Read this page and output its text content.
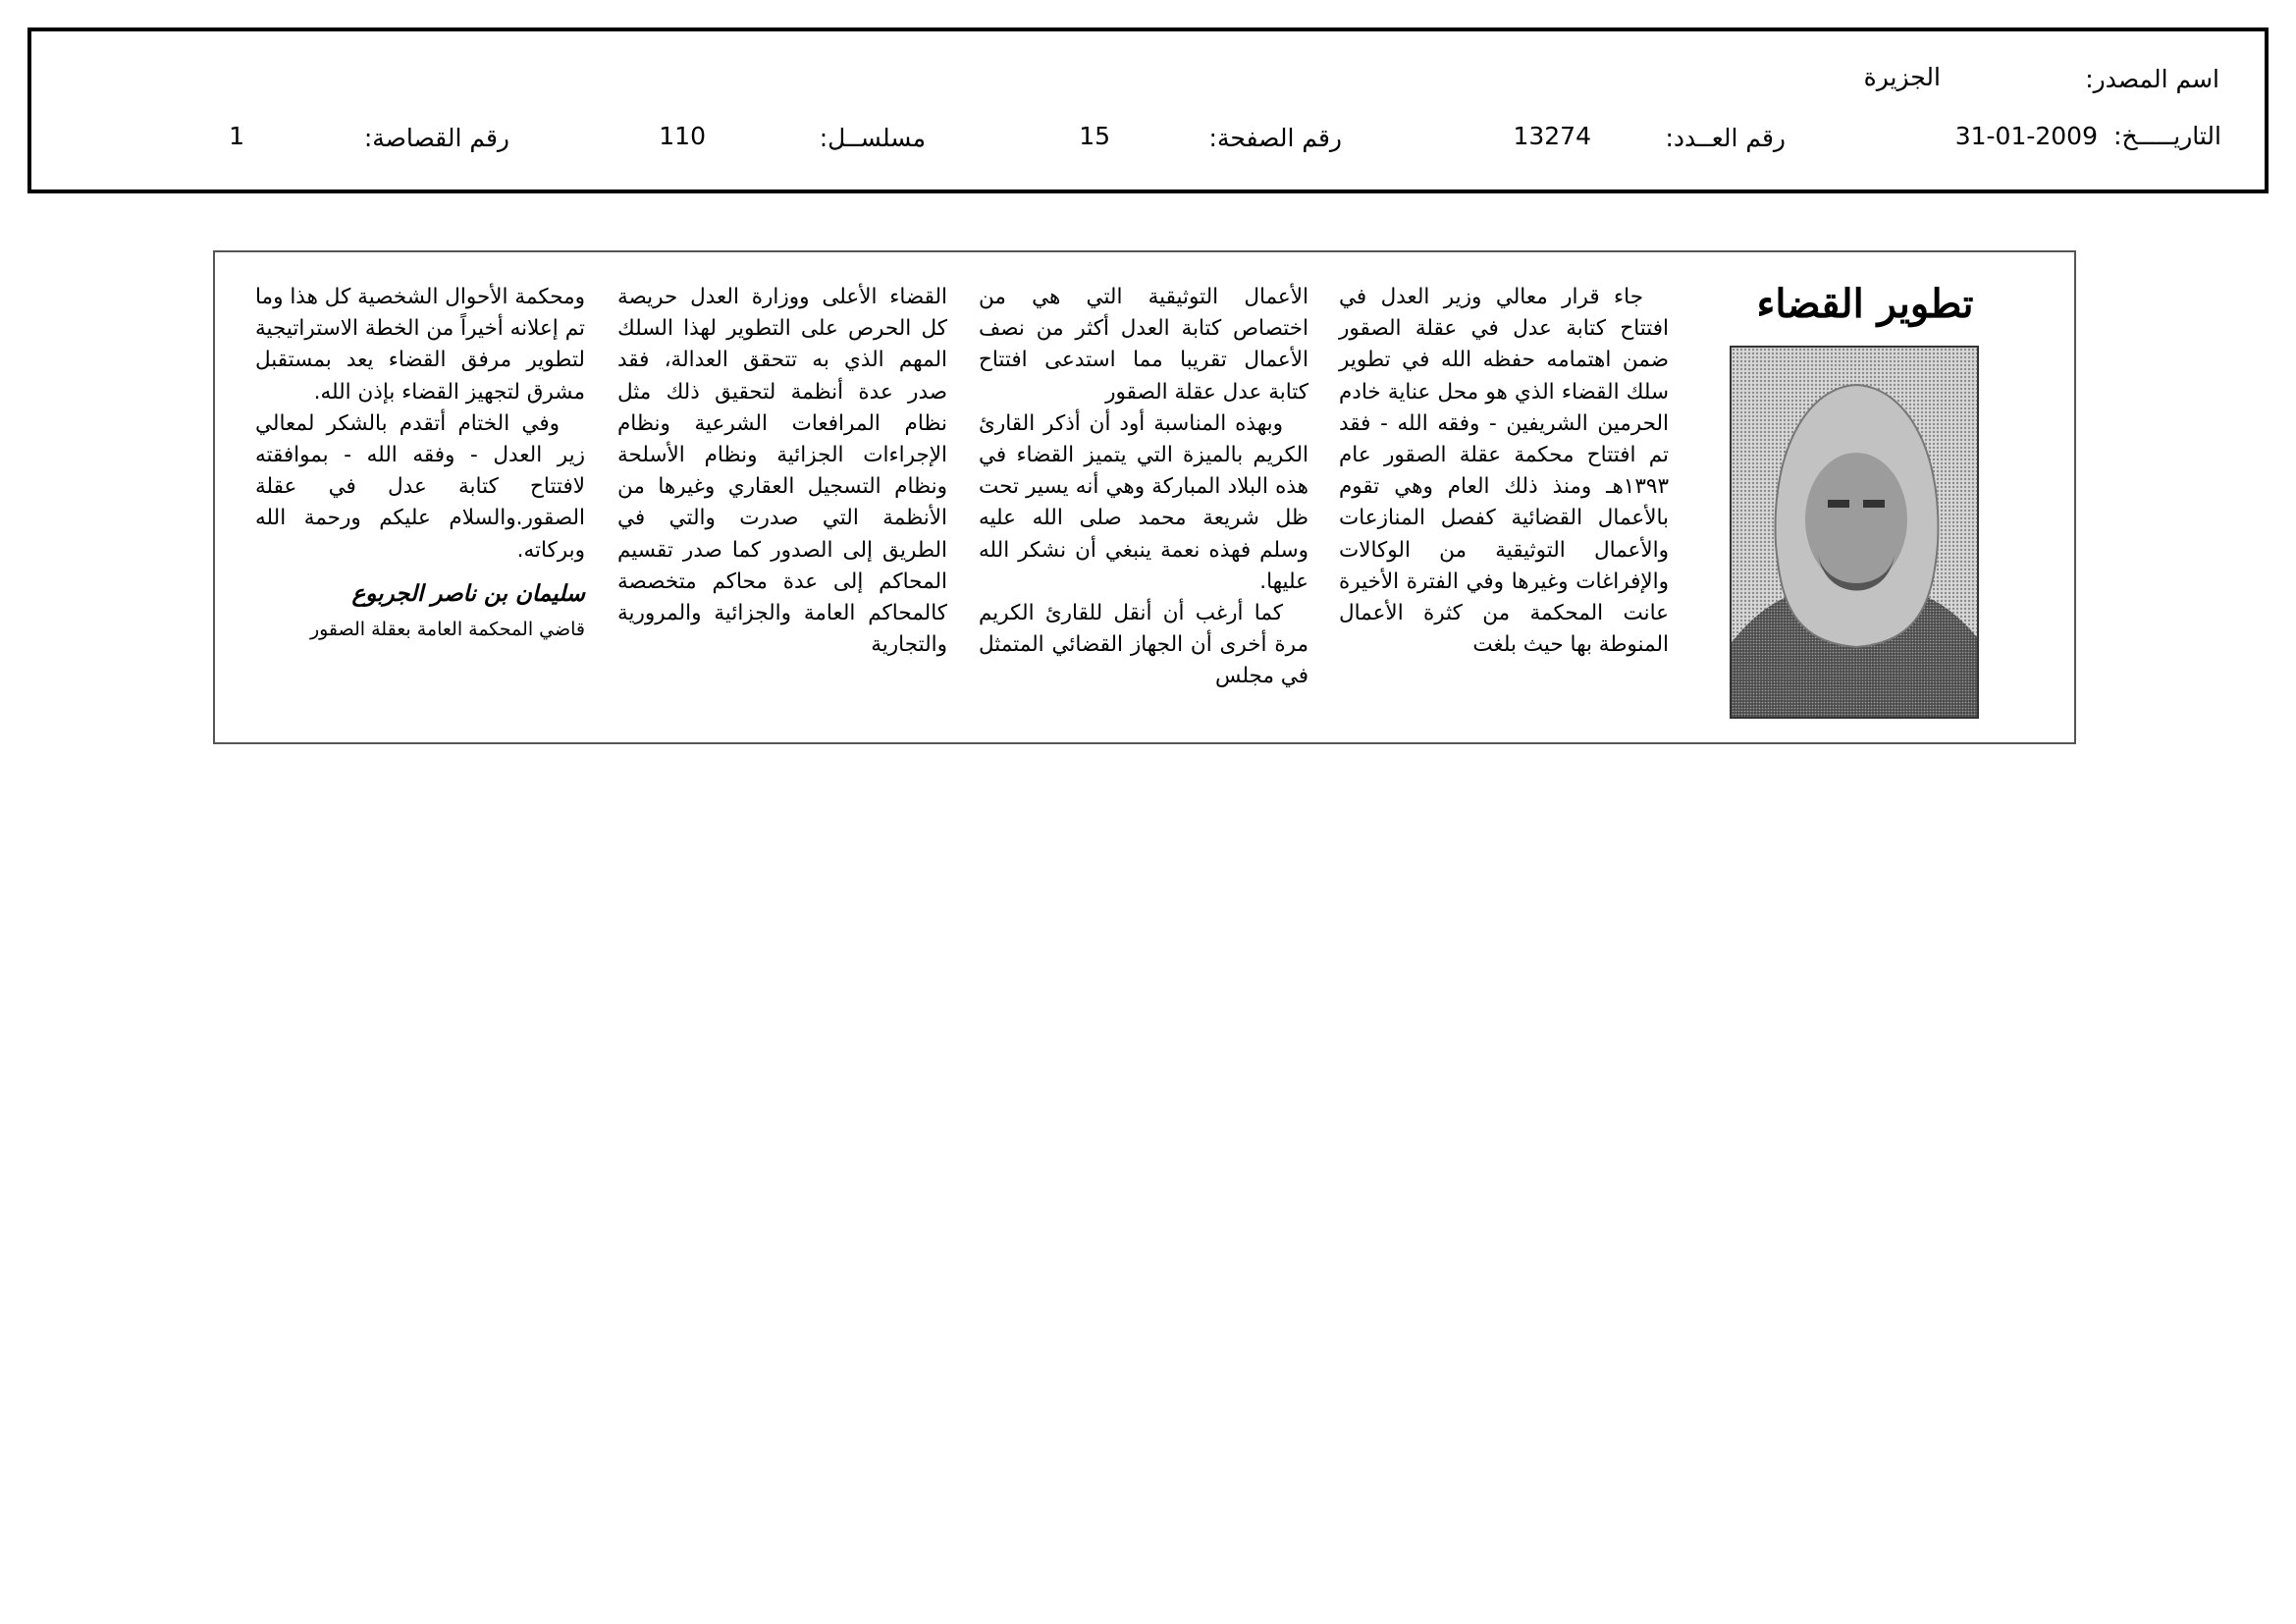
اسم المصدر:
الجزيرة
التاريـــــخ:
31-01-2009
رقم العــدد:
13274
رقم الصفحة:
15
مسلســل:
110
رقم القصاصة:
1
تطوير القضاء

جاء قرار معالي وزير العدل في افتتاح كتابة عدل في عقلة الصقور ضمن اهتمامه حفظه الله في تطوير سلك القضاء الذي هو محل عناية خادم الحرمين الشريفين - وفقه الله - فقد تم افتتاح محكمة عقلة الصقور عام ١٣٩٣هـ ومنذ ذلك العام وهي تقوم بالأعمال القضائية كفصل المنازعات والأعمال التوثيقية من الوكالات والإفراغات وغيرها وفي الفترة الأخيرة عانت المحكمة من كثرة الأعمال المنوطة بها حيث بلغت

الأعمال التوثيقية التي هي من اختصاص كتابة العدل أكثر من نصف الأعمال تقريبا مما استدعى افتتاح كتابة عدل عقلة الصقور

وبهذه المناسبة أود أن أذكر القارئ الكريم بالميزة التي يتميز القضاء في هذه البلاد المباركة وهي أنه يسير تحت ظل شريعة محمد صلى الله عليه وسلم فهذه نعمة ينبغي أن نشكر الله عليها.

كما أرغب أن أنقل للقارئ الكريم مرة أخرى أن الجهاز القضائي المتمثل في مجلس

القضاء الأعلى ووزارة العدل حريصة كل الحرص على التطوير لهذا السلك المهم الذي به تتحقق العدالة، فقد صدر عدة أنظمة لتحقيق ذلك مثل نظام المرافعات الشرعية ونظام الإجراءات الجزائية ونظام الأسلحة ونظام التسجيل العقاري وغيرها من الأنظمة التي صدرت والتي في الطريق إلى الصدور كما صدر تقسيم المحاكم إلى عدة محاكم متخصصة كالمحاكم العامة والجزائية والمرورية والتجارية

ومحكمة الأحوال الشخصية كل هذا وما تم إعلانه أخيراً من الخطة الاستراتيجية لتطوير مرفق القضاء يعد بمستقبل مشرق لتجهيز القضاء بإذن الله.

وفي الختام أتقدم بالشكر لمعالي زير العدل - وفقه الله - بموافقته لافتتاح كتابة عدل في عقلة الصقور.والسلام عليكم ورحمة الله وبركاته.

سليمان بن ناصر الجربوع
قاضي المحكمة العامة بعقلة الصقور
